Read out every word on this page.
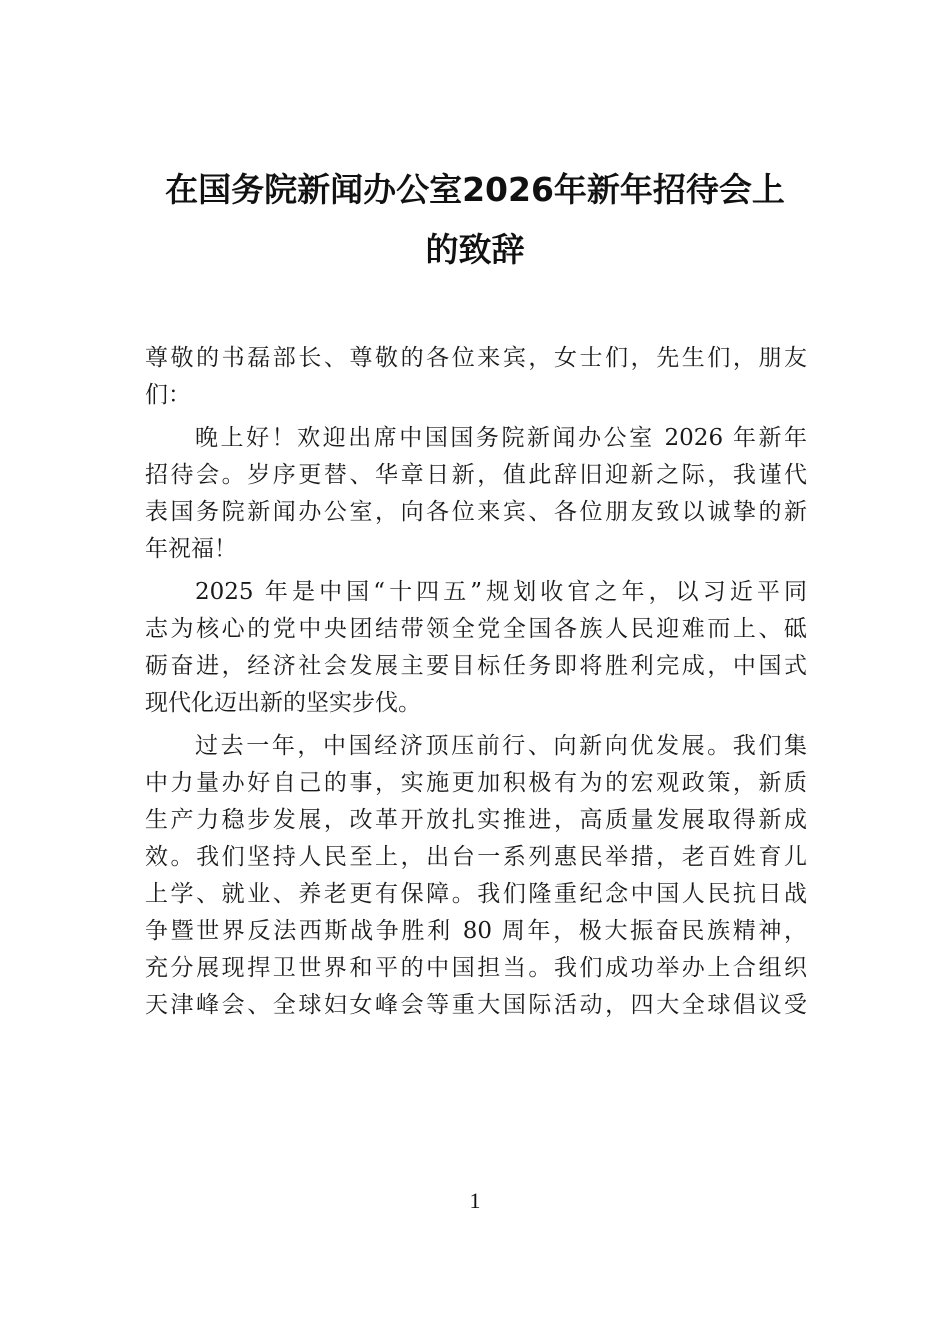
在国务院新闻办公室2026年新年招待会上
的致辞

尊敬的书磊部长、尊敬的各位来宾，女士们，先生们，朋友
们：

晚上好！欢迎出席中国国务院新闻办公室 2026 年新年
招待会。岁序更替、华章日新，值此辞旧迎新之际，我谨代
表国务院新闻办公室，向各位来宾、各位朋友致以诚挚的新
年祝福！

2025 年是中国“十四五”规划收官之年，以习近平同
志为核心的党中央团结带领全党全国各族人民迎难而上、砥
砺奋进，经济社会发展主要目标任务即将胜利完成，中国式
现代化迈出新的坚实步伐。

过去一年，中国经济顶压前行、向新向优发展。我们集
中力量办好自己的事，实施更加积极有为的宏观政策，新质
生产力稳步发展，改革开放扎实推进，高质量发展取得新成
效。我们坚持人民至上，出台一系列惠民举措，老百姓育儿
上学、就业、养老更有保障。我们隆重纪念中国人民抗日战
争暨世界反法西斯战争胜利 80 周年，极大振奋民族精神，
充分展现捍卫世界和平的中国担当。我们成功举办上合组织
天津峰会、全球妇女峰会等重大国际活动，四大全球倡议受

1
